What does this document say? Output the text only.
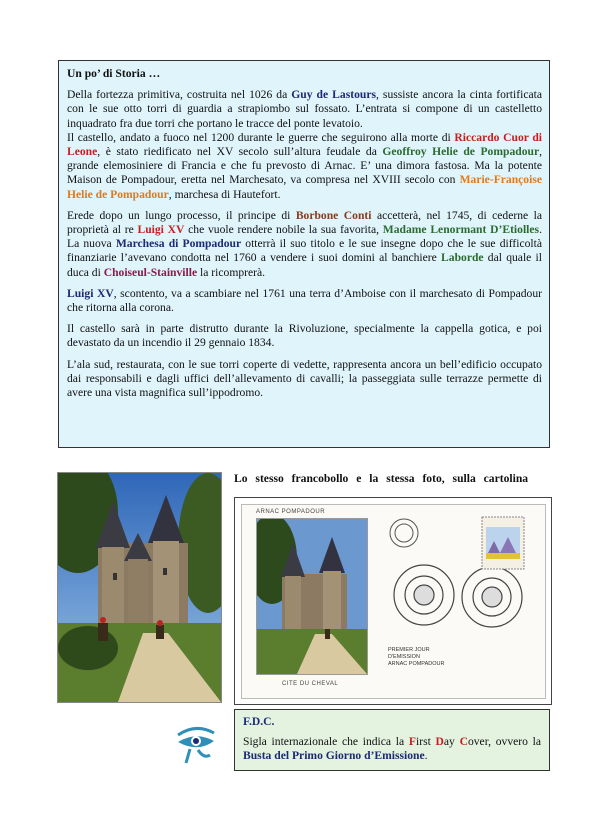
Un po’ di Storia …

Della fortezza primitiva, costruita nel 1026 da Guy de Lastours, sussiste ancora la cinta fortificata con le sue otto torri di guardia a strapiombo sul fossato. L’entrata si compone di un castelletto inquadrato fra due torri che portano le tracce del ponte levatoio.

Il castello, andato a fuoco nel 1200 durante le guerre che seguirono alla morte di Riccardo Cuor di Leone, è stato riedificato nel XV secolo sull’altura feudale da Geoffroy Helie de Pompadour, grande elemosiniere di Francia e che fu prevosto di Arnac. E’ una dimora fastosa. Ma la potente Maison de Pompadour, eretta nel Marchesato, va compresa nel XVIII secolo con Marie-Françoise Helie de Pompadour, marchesa di Hautefort.

Erede dopo un lungo processo, il principe di Borbone Conti accetterà, nel 1745, di cederne la proprietà al re Luigi XV che vuole rendere nobile la sua favorita, Madame Lenormant D’Etiolles. La nuova Marchesa di Pompadour otterrà il suo titolo e le sue insegne dopo che le sue difficoltà finanziarie l’avevano condotta nel 1760 a vendere i suoi domini al banchiere Laborde dal quale il duca di Choiseul-Stainville la ricomprerà.

Luigi XV, scontento, va a scambiare nel 1761 una terra d’Amboise con il marchesato di Pompadour che ritorna alla corona.

Il castello sarà in parte distrutto durante la Rivoluzione, specialmente la cappella gotica, e poi devastato da un incendio il 29 gennaio 1834.

L’ala sud, restaurata, con le sue torri coperte di vedette, rappresenta ancora un bell’edificio occupato dai responsabili e dagli uffici dell’allevamento di cavalli; la passeggiata sulle terrazze permette di avere una vista magnifica sull’ippodromo.

Lo stesso francobollo e la stessa foto, sulla cartolina
ARNAC POMPADOUR
CITE DU CHEVAL
PREMIER JOUR
D'EMISSION
ARNAC POMPADOUR
F.D.C.

Sigla internazionale che indica la First Day Cover, ovvero la Busta del Primo Giorno d’Emissione.
